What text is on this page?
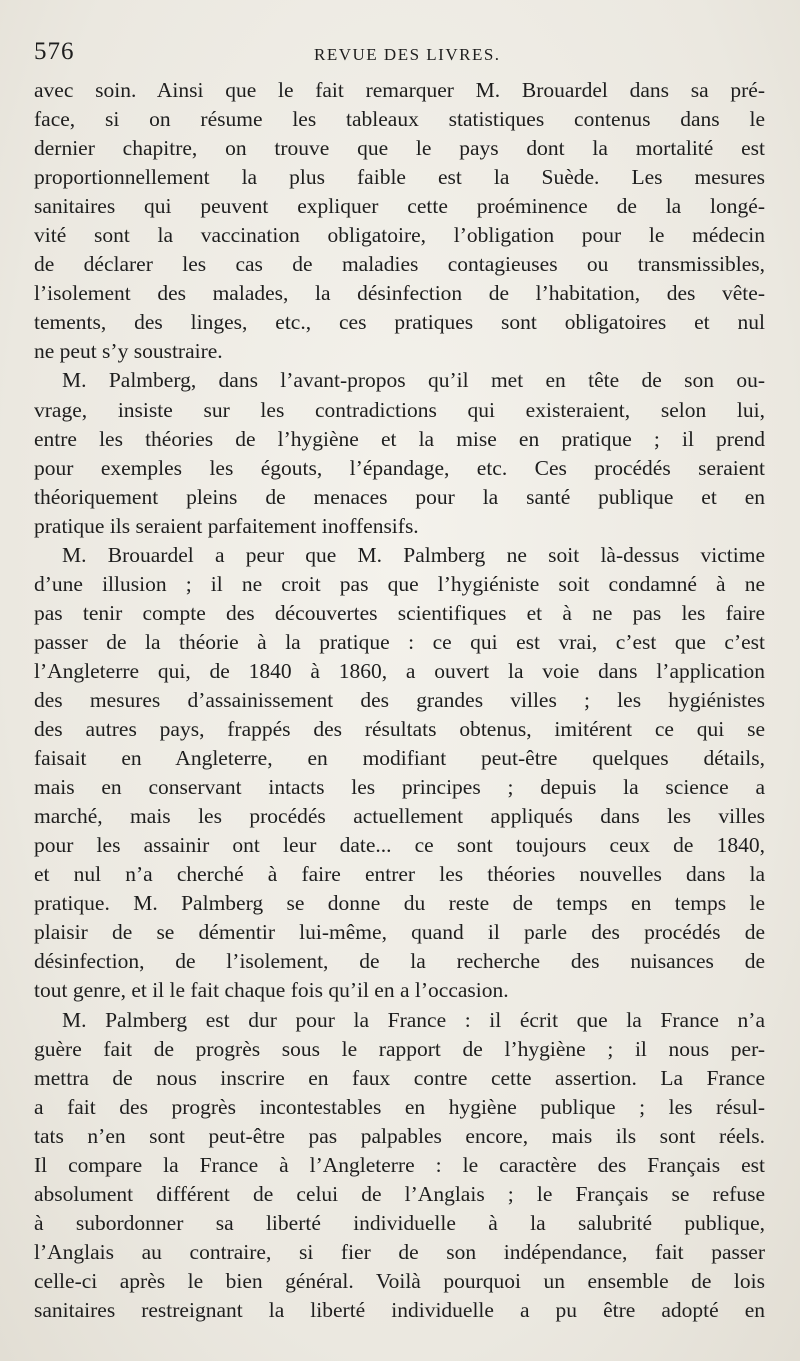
576	REVUE DES LIVRES.
avec soin. Ainsi que le fait remarquer M. Brouardel dans sa pré-
face, si on résume les tableaux statistiques contenus dans le
dernier chapitre, on trouve que le pays dont la mortalité est
proportionnellement la plus faible est la Suède. Les mesures
sanitaires qui peuvent expliquer cette proéminence de la longé-
vité sont la vaccination obligatoire, l’obligation pour le médecin
de déclarer les cas de maladies contagieuses ou transmissibles,
l’isolement des malades, la désinfection de l’habitation, des vête-
tements, des linges, etc., ces pratiques sont obligatoires et nul
ne peut s’y soustraire.
M. Palmberg, dans l’avant-propos qu’il met en tête de son ou-
vrage, insiste sur les contradictions qui existeraient, selon lui,
entre les théories de l’hygiène et la mise en pratique ; il prend
pour exemples les égouts, l’épandage, etc. Ces procédés seraient
théoriquement pleins de menaces pour la santé publique et en
pratique ils seraient parfaitement inoffensifs.
M. Brouardel a peur que M. Palmberg ne soit là-dessus victime
d’une illusion ; il ne croit pas que l’hygiéniste soit condamné à ne
pas tenir compte des découvertes scientifiques et à ne pas les faire
passer de la théorie à la pratique : ce qui est vrai, c’est que c’est
l’Angleterre qui, de 1840 à 1860, a ouvert la voie dans l’application
des mesures d’assainissement des grandes villes ; les hygiénistes
des autres pays, frappés des résultats obtenus, imitérent ce qui se
faisait en Angleterre, en modifiant peut-être quelques détails,
mais en conservant intacts les principes ; depuis la science a
marché, mais les procédés actuellement appliqués dans les villes
pour les assainir ont leur date... ce sont toujours ceux de 1840,
et nul n’a cherché à faire entrer les théories nouvelles dans la
pratique. M. Palmberg se donne du reste de temps en temps le
plaisir de se démentir lui-même, quand il parle des procédés de
désinfection, de l’isolement, de la recherche des nuisances de
tout genre, et il le fait chaque fois qu’il en a l’occasion.
M. Palmberg est dur pour la France : il écrit que la France n’a
guère fait de progrès sous le rapport de l’hygiène ; il nous per-
mettra de nous inscrire en faux contre cette assertion. La France
a fait des progrès incontestables en hygiène publique ; les résul-
tats n’en sont peut-être pas palpables encore, mais ils sont réels.
Il compare la France à l’Angleterre : le caractère des Français est
absolument différent de celui de l’Anglais ; le Français se refuse
à subordonner sa liberté individuelle à la salubrité publique,
l’Anglais au contraire, si fier de son indépendance, fait passer
celle-ci après le bien général. Voilà pourquoi un ensemble de lois
sanitaires restreignant la liberté individuelle a pu être adopté en
